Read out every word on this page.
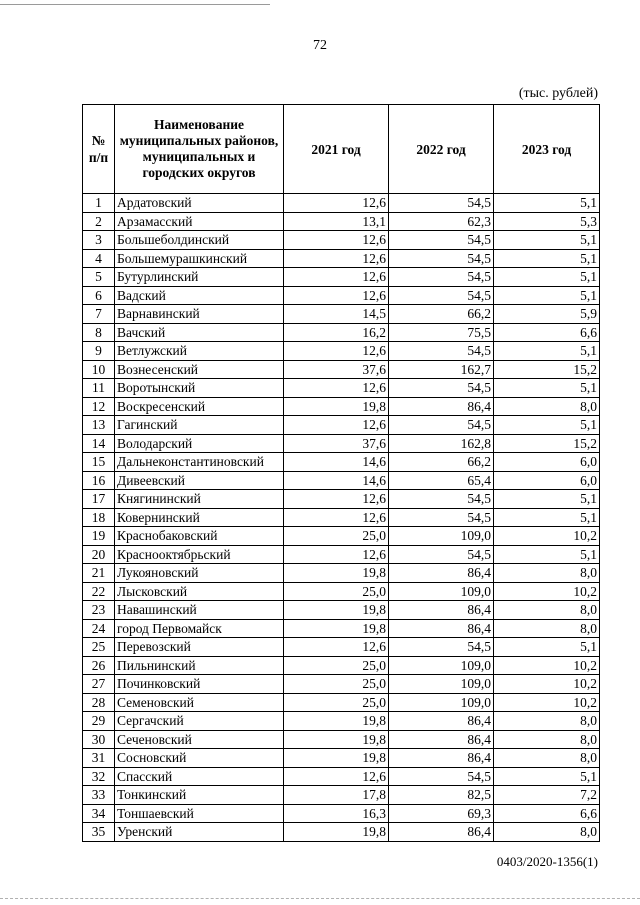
72
(тыс. рублей)
№ п/п	Наименование муниципальных районов, муниципальных и городских округов	2021 год	2022 год	2023 год
1	Ардатовский	12,6	54,5	5,1
2	Арзамасский	13,1	62,3	5,3
3	Большеболдинский	12,6	54,5	5,1
4	Большемурашкинский	12,6	54,5	5,1
5	Бутурлинский	12,6	54,5	5,1
6	Вадский	12,6	54,5	5,1
7	Варнавинский	14,5	66,2	5,9
8	Вачский	16,2	75,5	6,6
9	Ветлужский	12,6	54,5	5,1
10	Вознесенский	37,6	162,7	15,2
11	Воротынский	12,6	54,5	5,1
12	Воскресенский	19,8	86,4	8,0
13	Гагинский	12,6	54,5	5,1
14	Володарский	37,6	162,8	15,2
15	Дальнеконстантиновский	14,6	66,2	6,0
16	Дивеевский	14,6	65,4	6,0
17	Княгининский	12,6	54,5	5,1
18	Ковернинский	12,6	54,5	5,1
19	Краснобаковский	25,0	109,0	10,2
20	Краснооктябрьский	12,6	54,5	5,1
21	Лукояновский	19,8	86,4	8,0
22	Лысковский	25,0	109,0	10,2
23	Навашинский	19,8	86,4	8,0
24	город Первомайск	19,8	86,4	8,0
25	Перевозский	12,6	54,5	5,1
26	Пильнинский	25,0	109,0	10,2
27	Починковский	25,0	109,0	10,2
28	Семеновский	25,0	109,0	10,2
29	Сергачский	19,8	86,4	8,0
30	Сеченовский	19,8	86,4	8,0
31	Сосновский	19,8	86,4	8,0
32	Спасский	12,6	54,5	5,1
33	Тонкинский	17,8	82,5	7,2
34	Тоншаевский	16,3	69,3	6,6
35	Уренский	19,8	86,4	8,0
0403/2020-1356(1)
